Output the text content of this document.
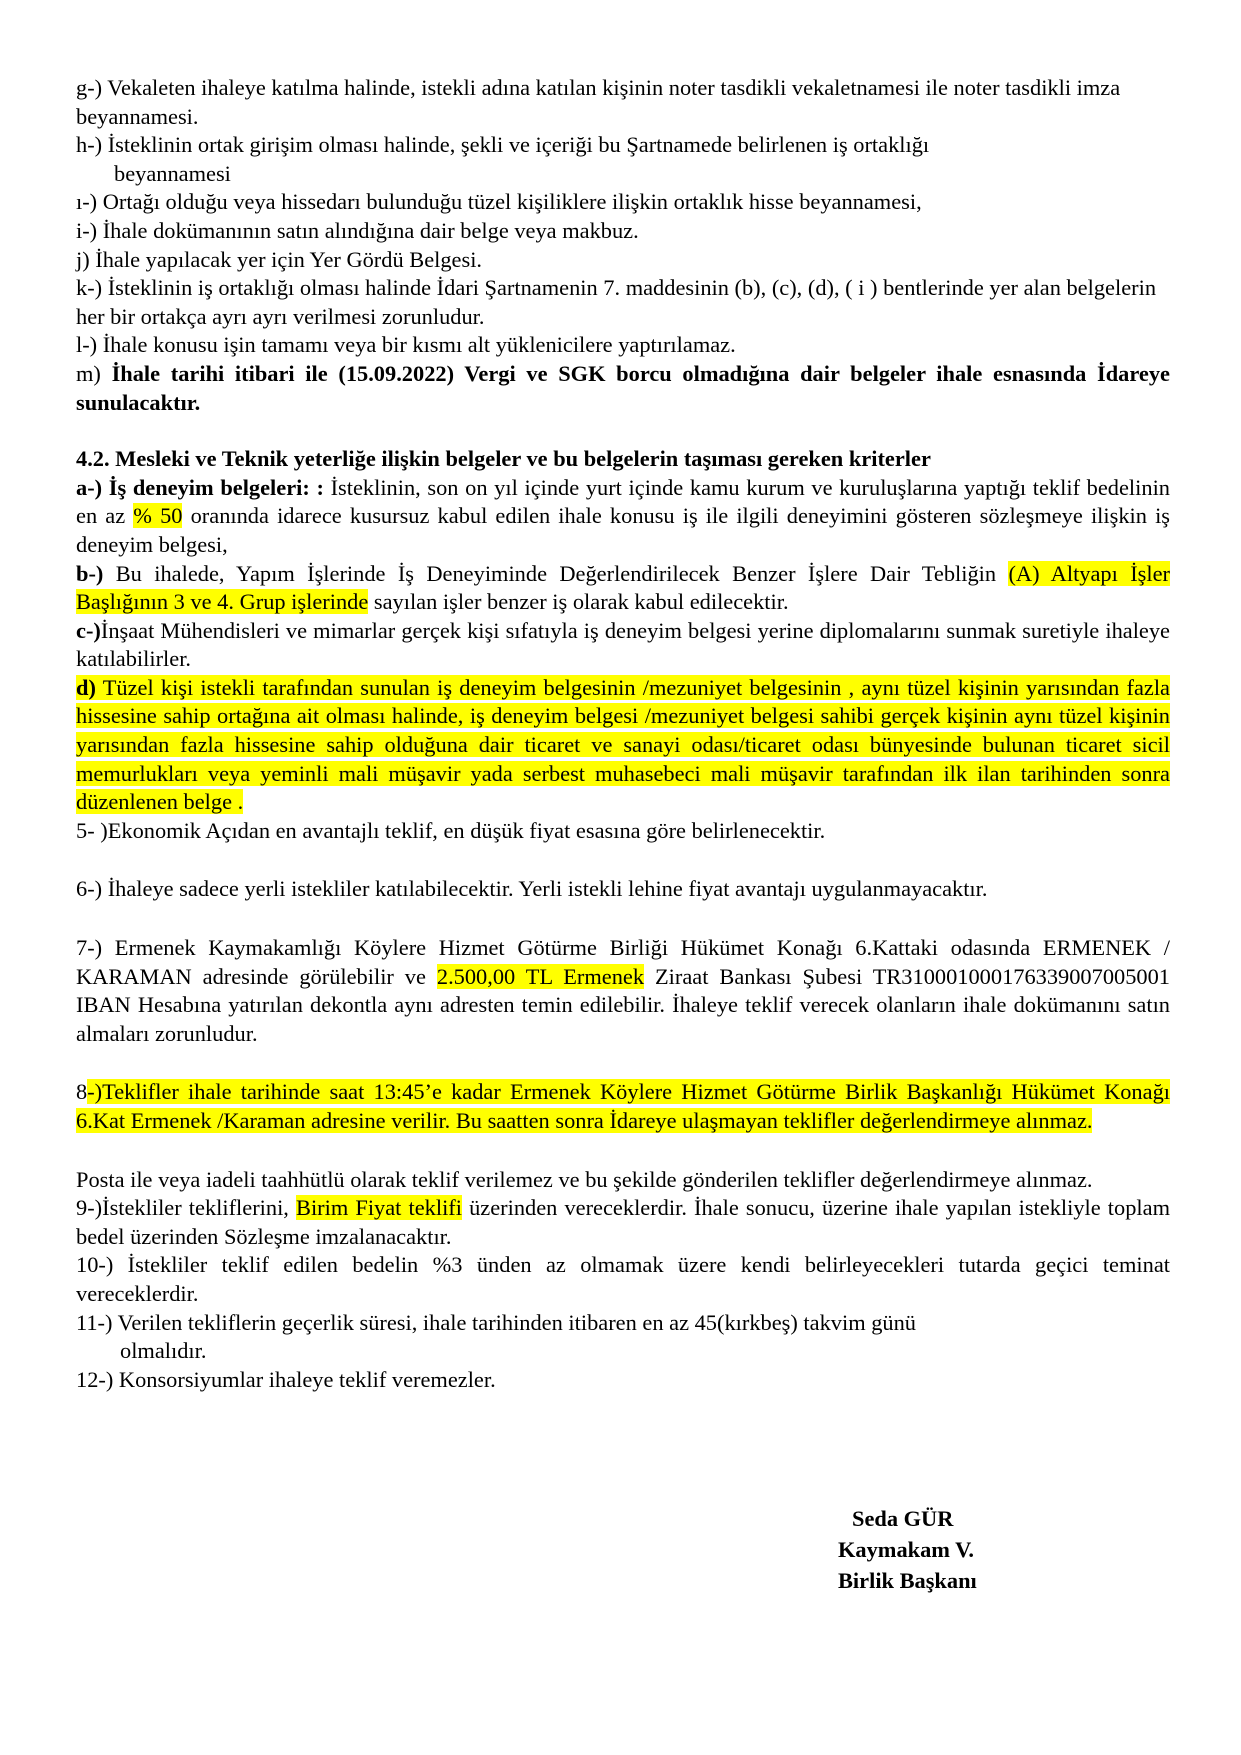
g-) Vekaleten ihaleye katılma halinde, istekli adına katılan kişinin noter tasdikli vekaletnamesi ile noter tasdikli imza beyannamesi.

h-) İsteklinin ortak girişim olması halinde, şekli ve içeriği bu Şartnamede belirlenen iş ortaklığı

beyannamesi

ı-) Ortağı olduğu veya hissedarı bulunduğu tüzel kişiliklere ilişkin ortaklık hisse beyannamesi,

i-) İhale dokümanının satın alındığına dair belge veya makbuz.

j) İhale yapılacak yer için Yer Gördü Belgesi.

k-) İsteklinin iş ortaklığı olması halinde İdari Şartnamenin 7. maddesinin (b), (c), (d), ( i ) bentlerinde yer alan belgelerin her bir ortakça ayrı ayrı verilmesi zorunludur.

l-) İhale konusu işin tamamı veya bir kısmı alt yüklenicilere yaptırılamaz.

m) İhale tarihi itibari ile (15.09.2022) Vergi ve SGK borcu olmadığına dair belgeler ihale esnasında İdareye sunulacaktır.

4.2. Mesleki ve Teknik yeterliğe ilişkin belgeler ve bu belgelerin taşıması gereken kriterler

a-) İş deneyim belgeleri: : İsteklinin, son on yıl içinde yurt içinde kamu kurum ve kuruluşlarına yaptığı teklif bedelinin en az % 50 oranında idarece kusursuz kabul edilen ihale konusu iş ile ilgili deneyimini gösteren sözleşmeye ilişkin iş deneyim belgesi,

b-) Bu ihalede, Yapım İşlerinde İş Deneyiminde Değerlendirilecek Benzer İşlere Dair Tebliğin (A) Altyapı İşler Başlığının 3 ve 4. Grup işlerinde sayılan işler benzer iş olarak kabul edilecektir.

c-)İnşaat Mühendisleri ve mimarlar gerçek kişi sıfatıyla iş deneyim belgesi yerine diplomalarını sunmak suretiyle ihaleye katılabilirler.

d) Tüzel kişi istekli tarafından sunulan iş deneyim belgesinin /mezuniyet belgesinin , aynı tüzel kişinin yarısından fazla hissesine sahip ortağına ait olması halinde, iş deneyim belgesi /mezuniyet belgesi sahibi gerçek kişinin aynı tüzel kişinin yarısından fazla hissesine sahip olduğuna dair ticaret ve sanayi odası/ticaret odası bünyesinde bulunan ticaret sicil memurlukları veya yeminli mali müşavir yada serbest muhasebeci mali müşavir tarafından ilk ilan tarihinden sonra düzenlenen belge .

5- )Ekonomik Açıdan en avantajlı teklif, en düşük fiyat esasına göre belirlenecektir.

6-) İhaleye sadece yerli istekliler katılabilecektir. Yerli istekli lehine fiyat avantajı uygulanmayacaktır.

7-) Ermenek Kaymakamlığı Köylere Hizmet Götürme Birliği Hükümet Konağı 6.Kattaki odasında ERMENEK / KARAMAN adresinde görülebilir ve 2.500,00 TL Ermenek Ziraat Bankası Şubesi TR310001000176339007005001 IBAN Hesabına yatırılan dekontla aynı adresten temin edilebilir. İhaleye teklif verecek olanların ihale dokümanını satın almaları zorunludur.

8-)Teklifler ihale tarihinde saat 13:45’e kadar Ermenek Köylere Hizmet Götürme Birlik Başkanlığı Hükümet Konağı 6.Kat Ermenek /Karaman adresine verilir. Bu saatten sonra İdareye ulaşmayan teklifler değerlendirmeye alınmaz.

Posta ile veya iadeli taahhütlü olarak teklif verilemez ve bu şekilde gönderilen teklifler değerlendirmeye alınmaz.

9-)İstekliler tekliflerini, Birim Fiyat teklifi üzerinden vereceklerdir. İhale sonucu, üzerine ihale yapılan istekliyle toplam bedel üzerinden Sözleşme imzalanacaktır.

10-) İstekliler teklif edilen bedelin %3 ünden az olmamak üzere kendi belirleyecekleri tutarda geçici teminat vereceklerdir.

11-) Verilen tekliflerin geçerlik süresi, ihale tarihinden itibaren en az 45(kırkbeş) takvim günü

olmalıdır.

12-) Konsorsiyumlar ihaleye teklif veremezler.

Seda GÜR
Kaymakam V.
Birlik Başkanı
